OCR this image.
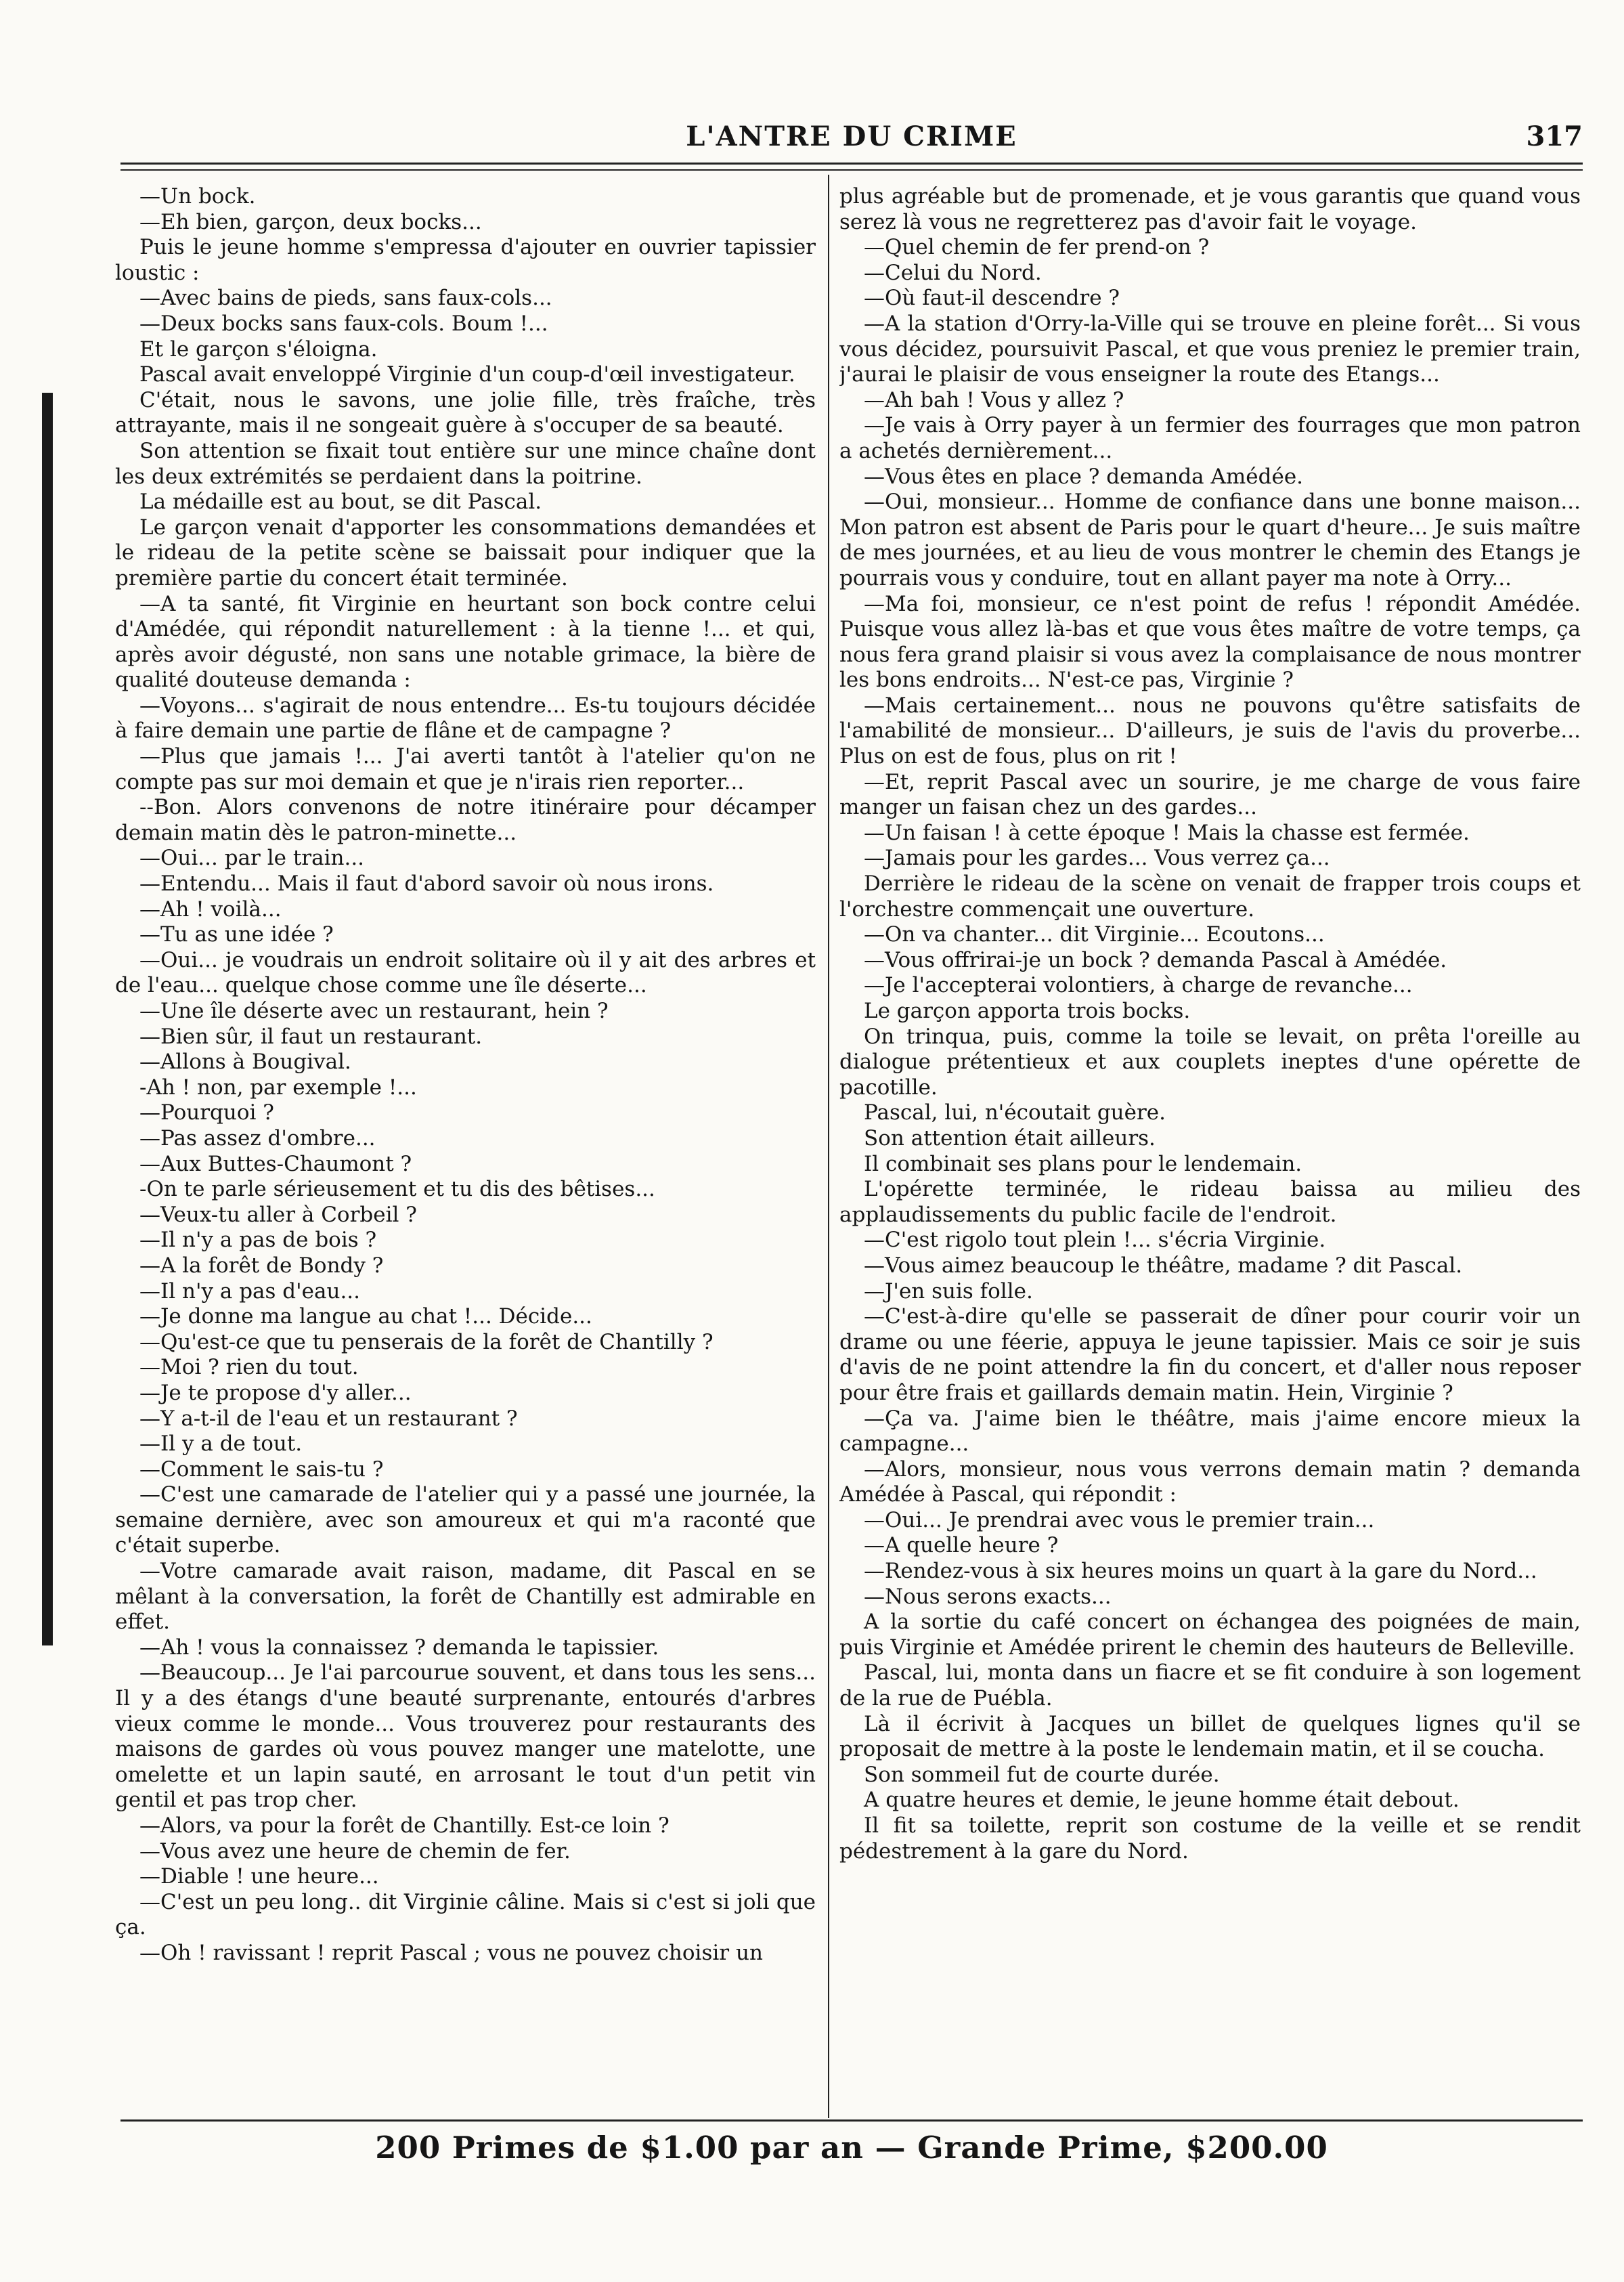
L'ANTRE DU CRIME	317

—Un bock.

—Eh bien, garçon, deux bocks...

Puis le jeune homme s'empressa d'ajouter en ouvrier tapissier loustic :

—Avec bains de pieds, sans faux-cols...

—Deux bocks sans faux-cols. Boum !...

Et le garçon s'éloigna.

Pascal avait enveloppé Virginie d'un coup-d'œil investigateur.

C'était, nous le savons, une jolie fille, très fraîche, très attrayante, mais il ne songeait guère à s'occuper de sa beauté.

Son attention se fixait tout entière sur une mince chaîne dont les deux extrémités se perdaient dans la poitrine.

La médaille est au bout, se dit Pascal.

Le garçon venait d'apporter les consommations demandées et le rideau de la petite scène se baissait pour indiquer que la première partie du concert était terminée.

—A ta santé, fit Virginie en heurtant son bock contre celui d'Amédée, qui répondit naturellement : à la tienne !... et qui, après avoir dégusté, non sans une notable grimace, la bière de qualité douteuse demanda :

—Voyons... s'agirait de nous entendre... Es-tu toujours décidée à faire demain une partie de flâne et de campagne ?

—Plus que jamais !... J'ai averti tantôt à l'atelier qu'on ne compte pas sur moi demain et que je n'irais rien reporter...

--Bon. Alors convenons de notre itinéraire pour décamper demain matin dès le patron-minette...

—Oui... par le train...

—Entendu... Mais il faut d'abord savoir où nous irons.

—Ah ! voilà...

—Tu as une idée ?

—Oui... je voudrais un endroit solitaire où il y ait des arbres et de l'eau... quelque chose comme une île déserte...

—Une île déserte avec un restaurant, hein ?

—Bien sûr, il faut un restaurant.

—Allons à Bougival.

-Ah ! non, par exemple !...

—Pourquoi ?

—Pas assez d'ombre...

—Aux Buttes-Chaumont ?

-On te parle sérieusement et tu dis des bêtises...

—Veux-tu aller à Corbeil ?

—Il n'y a pas de bois ?

—A la forêt de Bondy ?

—Il n'y a pas d'eau...

—Je donne ma langue au chat !... Décide...

—Qu'est-ce que tu penserais de la forêt de Chantilly ?

—Moi ? rien du tout.

—Je te propose d'y aller...

—Y a-t-il de l'eau et un restaurant ?

—Il y a de tout.

—Comment le sais-tu ?

—C'est une camarade de l'atelier qui y a passé une journée, la semaine dernière, avec son amoureux et qui m'a raconté que c'était superbe.

—Votre camarade avait raison, madame, dit Pascal en se mêlant à la conversation, la forêt de Chantilly est admirable en effet.

—Ah ! vous la connaissez ? demanda le tapissier.

—Beaucoup... Je l'ai parcourue souvent, et dans tous les sens... Il y a des étangs d'une beauté surprenante, entourés d'arbres vieux comme le monde... Vous trouverez pour restaurants des maisons de gardes où vous pouvez manger une matelotte, une omelette et un lapin sauté, en arrosant le tout d'un petit vin gentil et pas trop cher.

—Alors, va pour la forêt de Chantilly. Est-ce loin ?

—Vous avez une heure de chemin de fer.

—Diable ! une heure...

—C'est un peu long.. dit Virginie câline. Mais si c'est si joli que ça.

—Oh ! ravissant ! reprit Pascal ; vous ne pouvez choisir un

plus agréable but de promenade, et je vous garantis que quand vous serez là vous ne regretterez pas d'avoir fait le voyage.

—Quel chemin de fer prend-on ?

—Celui du Nord.

—Où faut-il descendre ?

—A la station d'Orry-la-Ville qui se trouve en pleine forêt... Si vous vous décidez, poursuivit Pascal, et que vous preniez le premier train, j'aurai le plaisir de vous enseigner la route des Etangs...

—Ah bah ! Vous y allez ?

—Je vais à Orry payer à un fermier des fourrages que mon patron a achetés dernièrement...

—Vous êtes en place ? demanda Amédée.

—Oui, monsieur... Homme de confiance dans une bonne maison... Mon patron est absent de Paris pour le quart d'heure... Je suis maître de mes journées, et au lieu de vous montrer le chemin des Etangs je pourrais vous y conduire, tout en allant payer ma note à Orry...

—Ma foi, monsieur, ce n'est point de refus ! répondit Amédée. Puisque vous allez là-bas et que vous êtes maître de votre temps, ça nous fera grand plaisir si vous avez la complaisance de nous montrer les bons endroits... N'est-ce pas, Virginie ?

—Mais certainement... nous ne pouvons qu'être satisfaits de l'amabilité de monsieur... D'ailleurs, je suis de l'avis du proverbe... Plus on est de fous, plus on rit !

—Et, reprit Pascal avec un sourire, je me charge de vous faire manger un faisan chez un des gardes...

—Un faisan ! à cette époque ! Mais la chasse est fermée.

—Jamais pour les gardes... Vous verrez ça...

Derrière le rideau de la scène on venait de frapper trois coups et l'orchestre commençait une ouverture.

—On va chanter... dit Virginie... Ecoutons...

—Vous offrirai-je un bock ? demanda Pascal à Amédée.

—Je l'accepterai volontiers, à charge de revanche...

Le garçon apporta trois bocks.

On trinqua, puis, comme la toile se levait, on prêta l'oreille au dialogue prétentieux et aux couplets ineptes d'une opérette de pacotille.

Pascal, lui, n'écoutait guère.

Son attention était ailleurs.

Il combinait ses plans pour le lendemain.

L'opérette terminée, le rideau baissa au milieu des applaudissements du public facile de l'endroit.

—C'est rigolo tout plein !... s'écria Virginie.

—Vous aimez beaucoup le théâtre, madame ? dit Pascal.

—J'en suis folle.

—C'est-à-dire qu'elle se passerait de dîner pour courir voir un drame ou une féerie, appuya le jeune tapissier. Mais ce soir je suis d'avis de ne point attendre la fin du concert, et d'aller nous reposer pour être frais et gaillards demain matin. Hein, Virginie ?

—Ça va. J'aime bien le théâtre, mais j'aime encore mieux la campagne...

—Alors, monsieur, nous vous verrons demain matin ? demanda Amédée à Pascal, qui répondit :

—Oui... Je prendrai avec vous le premier train...

—A quelle heure ?

—Rendez-vous à six heures moins un quart à la gare du Nord...

—Nous serons exacts...

A la sortie du café concert on échangea des poignées de main, puis Virginie et Amédée prirent le chemin des hauteurs de Belleville.

Pascal, lui, monta dans un fiacre et se fit conduire à son logement de la rue de Puébla.

Là il écrivit à Jacques un billet de quelques lignes qu'il se proposait de mettre à la poste le lendemain matin, et il se coucha.

Son sommeil fut de courte durée.

A quatre heures et demie, le jeune homme était debout.

Il fit sa toilette, reprit son costume de la veille et se rendit pédestrement à la gare du Nord.

200 Primes de $1.00 par an — Grande Prime, $200.00
